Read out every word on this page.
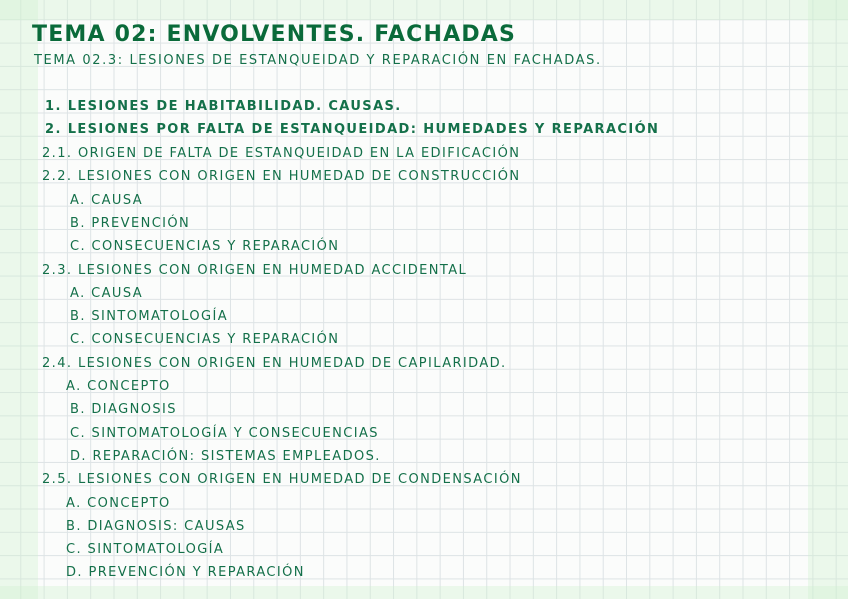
TEMA 02: ENVOLVENTES. FACHADAS
TEMA 02.3: LESIONES DE ESTANQUEIDAD Y REPARACIÓN EN FACHADAS.
1. LESIONES DE HABITABILIDAD. CAUSAS.
2. LESIONES POR FALTA DE ESTANQUEIDAD: HUMEDADES Y REPARACIÓN
2.1. ORIGEN DE FALTA DE ESTANQUEIDAD EN LA EDIFICACIÓN
2.2. LESIONES CON ORIGEN EN HUMEDAD DE CONSTRUCCIÓN
A. CAUSA
B. PREVENCIÓN
C. CONSECUENCIAS Y REPARACIÓN
2.3. LESIONES CON ORIGEN EN HUMEDAD ACCIDENTAL
A. CAUSA
B. SINTOMATOLOGÍA
C. CONSECUENCIAS Y REPARACIÓN
2.4. LESIONES CON ORIGEN EN HUMEDAD DE CAPILARIDAD.
A. CONCEPTO
B. DIAGNOSIS
C. SINTOMATOLOGÍA Y CONSECUENCIAS
D. REPARACIÓN: SISTEMAS EMPLEADOS.
2.5. LESIONES CON ORIGEN EN HUMEDAD DE CONDENSACIÓN
A. CONCEPTO
B. DIAGNOSIS: CAUSAS
C. SINTOMATOLOGÍA
D. PREVENCIÓN Y REPARACIÓN
